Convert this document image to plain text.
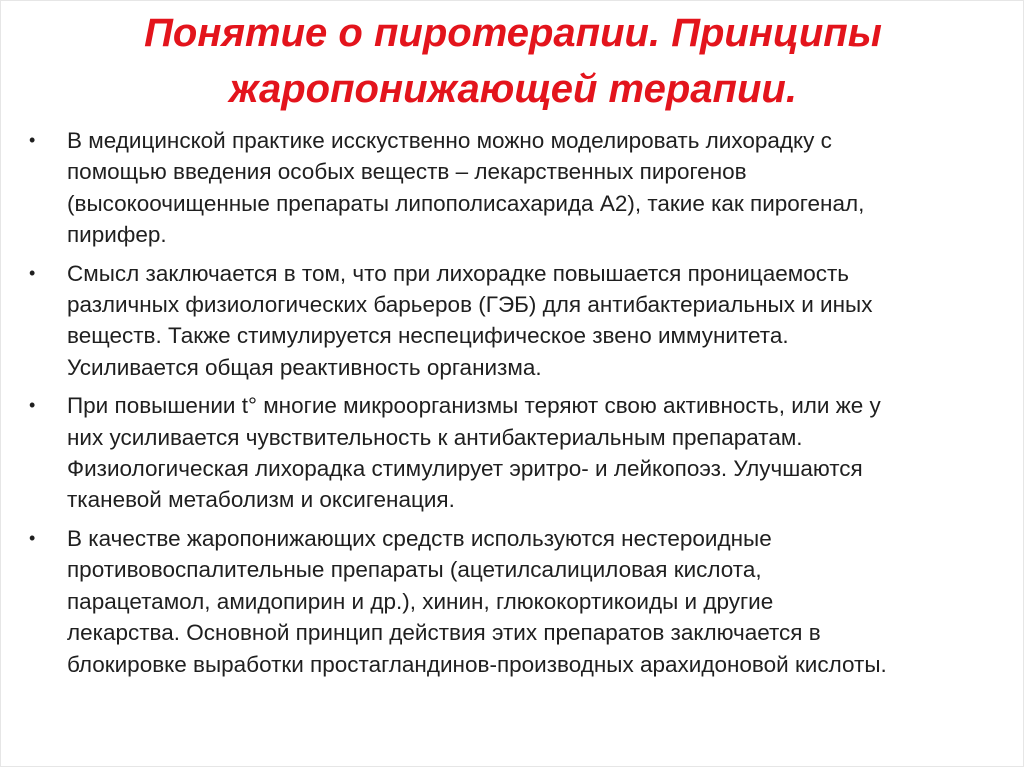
Понятие о пиротерапии. Принципы
жаропонижающей терапии.
• В медицинской практике исскуственно можно моделировать лихорадку с
помощью введения особых веществ – лекарственных пирогенов
(высокоочищенные препараты липополисахарида А2), такие как пирогенал,
пирифер.
• Смысл заключается в том, что при лихорадке повышается проницаемость
различных физиологических барьеров (ГЭБ) для антибактериальных и иных
веществ. Также стимулируется неспецифическое звено иммунитета.
Усиливается общая реактивность организма.
• При повышении t° многие микроорганизмы теряют свою активность, или же у
них усиливается чувствительность к антибактериальным препаратам.
Физиологическая лихорадка стимулирует эритро- и лейкопоэз. Улучшаются
тканевой метаболизм и оксигенация.
• В качестве жаропонижающих средств используются нестероидные
противовоспалительные препараты (ацетилсалициловая кислота,
парацетамол, амидопирин и др.), хинин, глюкокортикоиды и другие
лекарства. Основной принцип действия этих препаратов заключается в
блокировке выработки простагландинов-производных арахидоновой кислоты.
